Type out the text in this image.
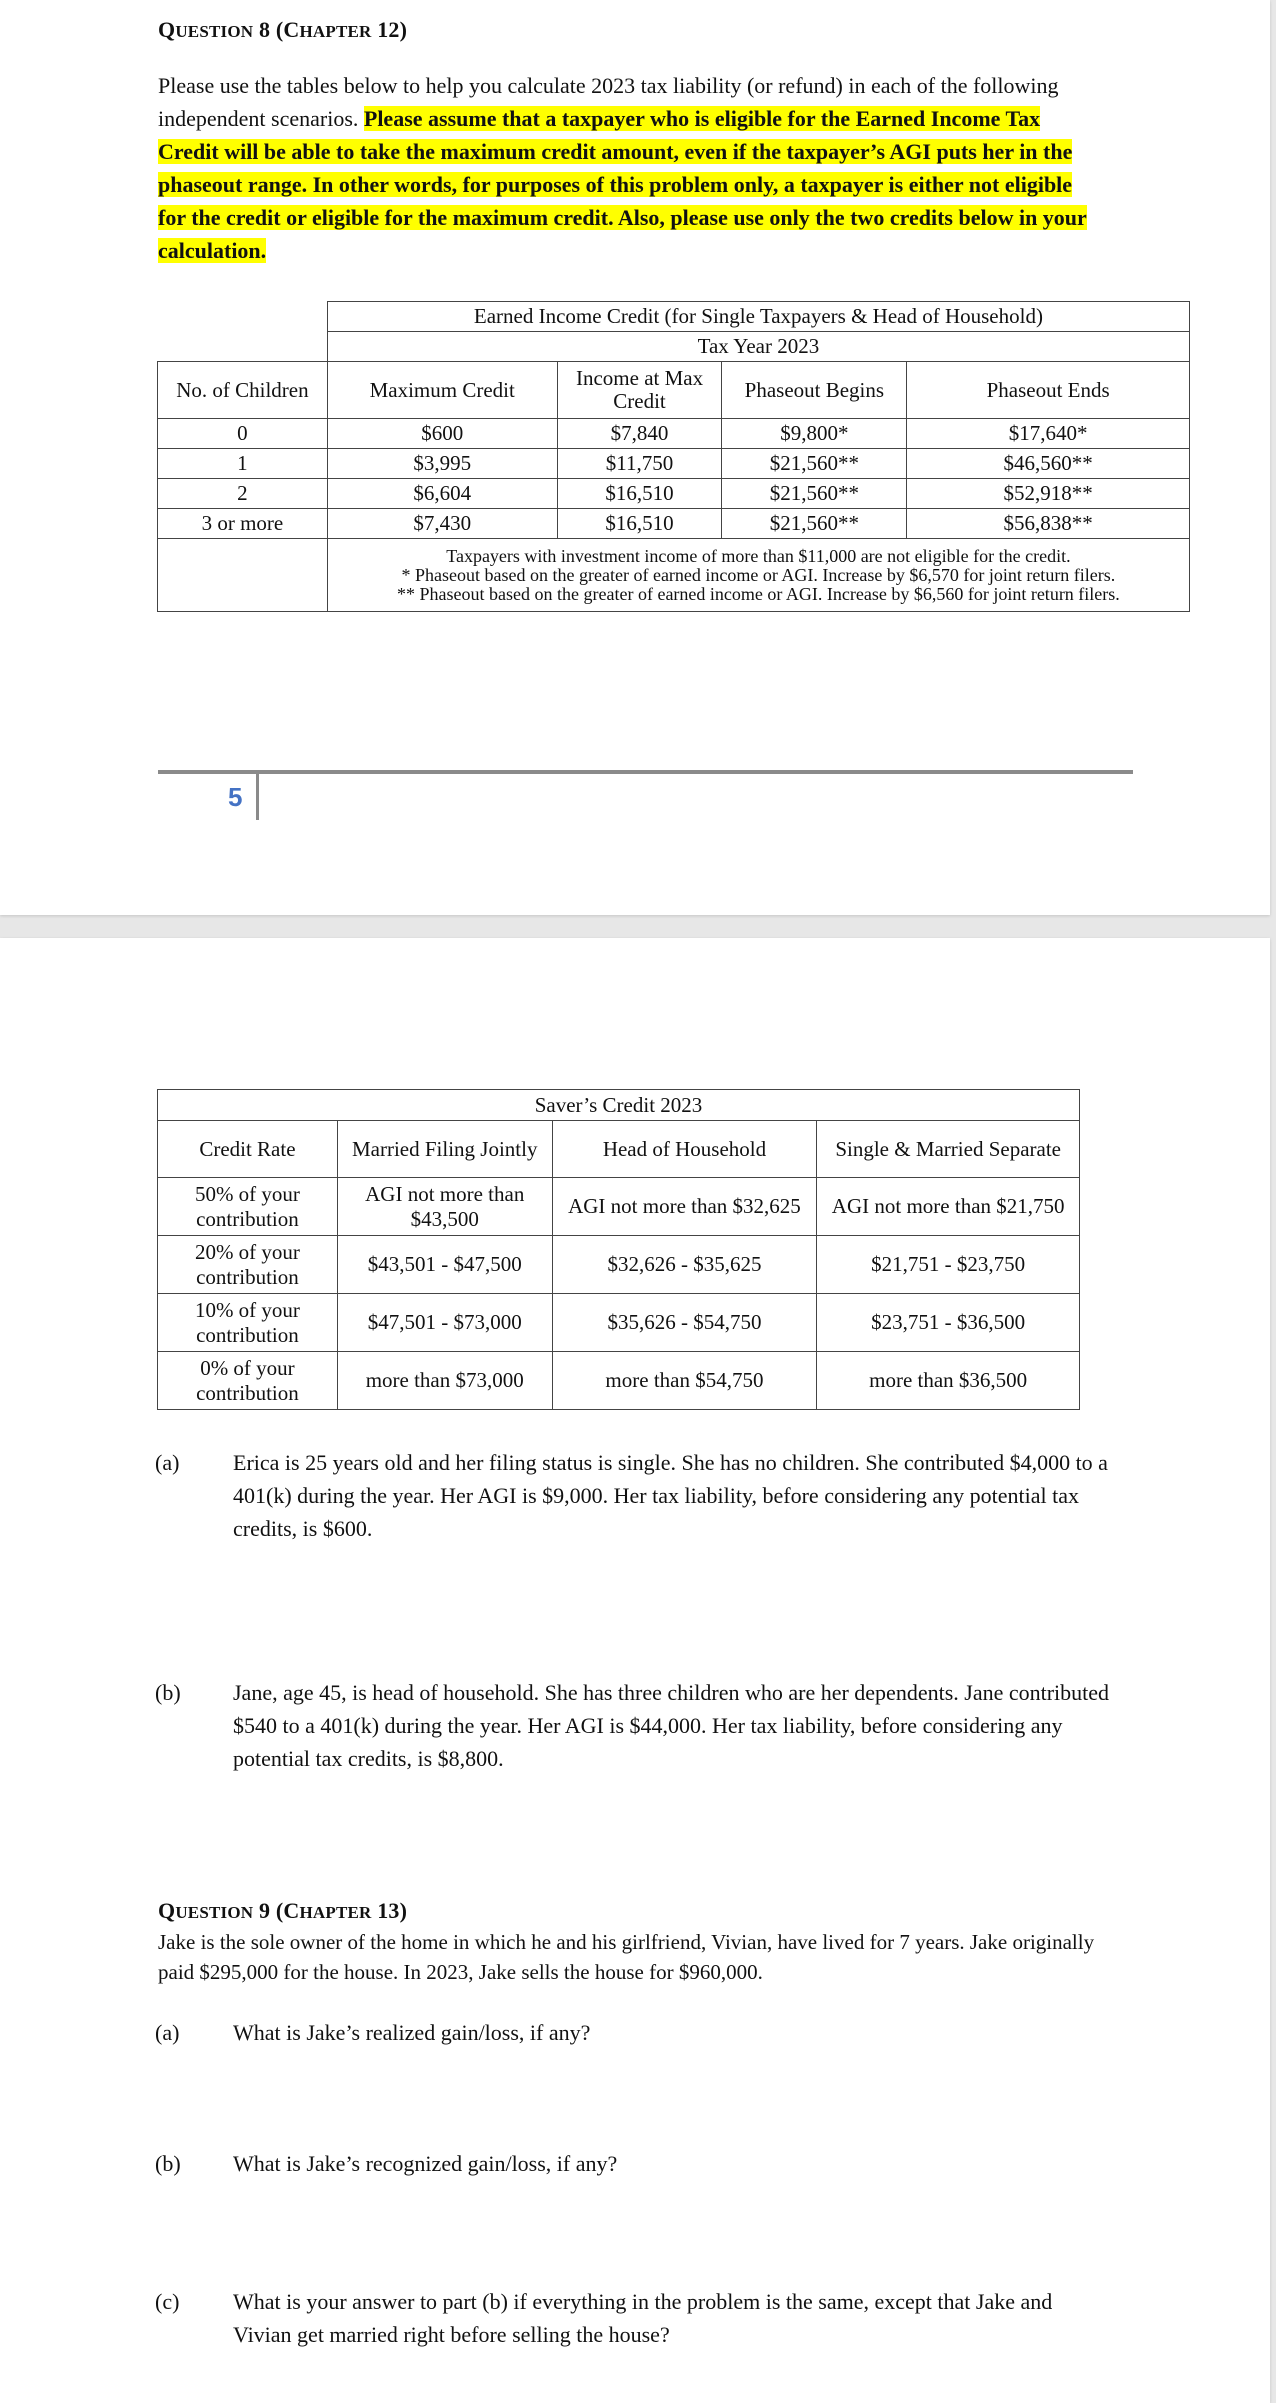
QUESTION 8 (CHAPTER 12)
Please use the tables below to help you calculate 2023 tax liability (or refund) in each of the following independent scenarios. Please assume that a taxpayer who is eligible for the Earned Income Tax Credit will be able to take the maximum credit amount, even if the taxpayer’s AGI puts her in the phaseout range. In other words, for purposes of this problem only, a taxpayer is either not eligible for the credit or eligible for the maximum credit. Also, please use only the two credits below in your calculation.
	Earned Income Credit (for Single Taxpayers & Head of Household)			
	Tax Year 2023			
No. of Children	Maximum Credit	Income at Max Credit	Phaseout Begins	Phaseout Ends
0	$600	$7,840	$9,800*	$17,640*
1	$3,995	$11,750	$21,560**	$46,560**
2	$6,604	$16,510	$21,560**	$52,918**
3 or more	$7,430	$16,510	$21,560**	$56,838**

	Taxpayers with investment income of more than $11,000 are not eligible for the credit.
* Phaseout based on the greater of earned income or AGI. Increase by $6,570 for joint return filers.
** Phaseout based on the greater of earned income or AGI. Increase by $6,560 for joint return filers.			
5
Saver’s Credit 2023			
Credit Rate	Married Filing Jointly	Head of Household	Single & Married Separate
50% of your contribution	AGI not more than $43,500	AGI not more than $32,625	AGI not more than $21,750
20% of your contribution	$43,501 - $47,500	$32,626 - $35,625	$21,751 - $23,750
10% of your contribution	$47,501 - $73,000	$35,626 - $54,750	$23,751 - $36,500
0% of your contribution	more than $73,000	more than $54,750	more than $36,500
(a) Erica is 25 years old and her filing status is single. She has no children. She contributed $4,000 to a 401(k) during the year. Her AGI is $9,000. Her tax liability, before considering any potential tax credits, is $600.
(b) Jane, age 45, is head of household. She has three children who are her dependents. Jane contributed $540 to a 401(k) during the year. Her AGI is $44,000. Her tax liability, before considering any potential tax credits, is $8,800.
QUESTION 9 (CHAPTER 13)
Jake is the sole owner of the home in which he and his girlfriend, Vivian, have lived for 7 years. Jake originally paid $295,000 for the house. In 2023, Jake sells the house for $960,000.
(a) What is Jake’s realized gain/loss, if any?
(b) What is Jake’s recognized gain/loss, if any?
(c) What is your answer to part (b) if everything in the problem is the same, except that Jake and Vivian get married right before selling the house?
